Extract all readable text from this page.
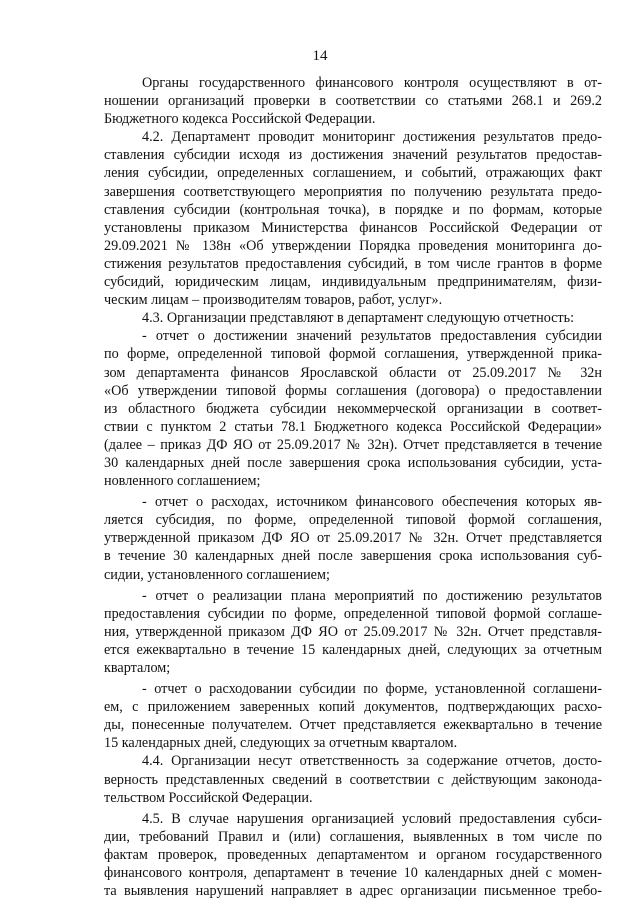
14
Органы государственного финансового контроля осуществляют в от-
ношении организаций проверки в соответствии со статьями 268.1 и 269.2
Бюджетного кодекса Российской Федерации.
4.2. Департамент проводит мониторинг достижения результатов предо-
ставления субсидии исходя из достижения значений результатов предостав-
ления субсидии, определенных соглашением, и событий, отражающих факт
завершения соответствующего мероприятия по получению результата предо-
ставления субсидии (контрольная точка), в порядке и по формам, которые
установлены приказом Министерства финансов Российской Федерации от
29.09.2021 № 138н «Об утверждении Порядка проведения мониторинга до-
стижения результатов предоставления субсидий, в том числе грантов в форме
субсидий, юридическим лицам, индивидуальным предпринимателям, физи-
ческим лицам – производителям товаров, работ, услуг».
4.3. Организации представляют в департамент следующую отчетность:
- отчет о достижении значений результатов предоставления субсидии
по форме, определенной типовой формой соглашения, утвержденной прика-
зом департамента финансов Ярославской области от 25.09.2017 № 32н
«Об утверждении типовой формы соглашения (договора) о предоставлении
из областного бюджета субсидии некоммерческой организации в соответ-
ствии с пунктом 2 статьи 78.1 Бюджетного кодекса Российской Федерации»
(далее – приказ ДФ ЯО от 25.09.2017 № 32н). Отчет представляется в течение
30 календарных дней после завершения срока использования субсидии, уста-
новленного соглашением;
- отчет о расходах, источником финансового обеспечения которых яв-
ляется субсидия, по форме, определенной типовой формой соглашения,
утвержденной приказом ДФ ЯО от 25.09.2017 № 32н. Отчет представляется
в течение 30 календарных дней после завершения срока использования суб-
сидии, установленного соглашением;
- отчет о реализации плана мероприятий по достижению результатов
предоставления субсидии по форме, определенной типовой формой соглаше-
ния, утвержденной приказом ДФ ЯО от 25.09.2017 № 32н. Отчет представля-
ется ежеквартально в течение 15 календарных дней, следующих за отчетным
кварталом;
- отчет о расходовании субсидии по форме, установленной соглашени-
ем, с приложением заверенных копий документов, подтверждающих расхо-
ды, понесенные получателем. Отчет представляется ежеквартально в течение
15 календарных дней, следующих за отчетным кварталом.
4.4. Организации несут ответственность за содержание отчетов, досто-
верность представленных сведений в соответствии с действующим законода-
тельством Российской Федерации.
4.5. В случае нарушения организацией условий предоставления субси-
дии, требований Правил и (или) соглашения, выявленных в том числе по
фактам проверок, проведенных департаментом и органом государственного
финансового контроля, департамент в течение 10 календарных дней с момен-
та выявления нарушений направляет в адрес организации письменное требо-
